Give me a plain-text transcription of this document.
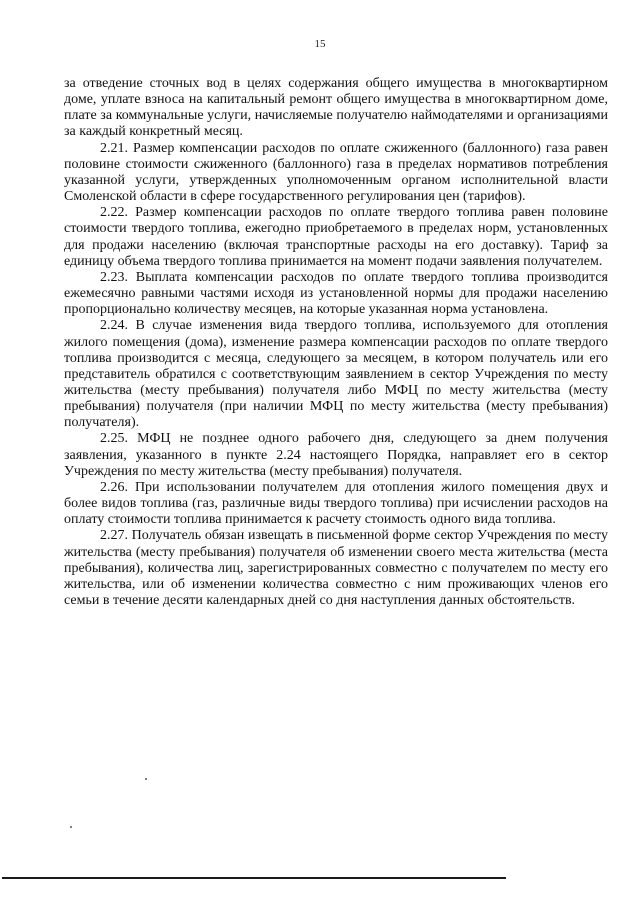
15

за отведение сточных вод в целях содержания общего имущества в многоквартирном доме, уплате взноса на капитальный ремонт общего имущества в многоквартирном доме, плате за коммунальные услуги, начисляемые получателю наймодателями и организациями за каждый конкретный месяц.

2.21. Размер компенсации расходов по оплате сжиженного (баллонного) газа равен половине стоимости сжиженного (баллонного) газа в пределах нормативов потребления указанной услуги, утвержденных уполномоченным органом исполнительной власти Смоленской области в сфере государственного регулирования цен (тарифов).

2.22. Размер компенсации расходов по оплате твердого топлива равен половине стоимости твердого топлива, ежегодно приобретаемого в пределах норм, установленных для продажи населению (включая транспортные расходы на его доставку). Тариф за единицу объема твердого топлива принимается на момент подачи заявления получателем.

2.23. Выплата компенсации расходов по оплате твердого топлива производится ежемесячно равными частями исходя из установленной нормы для продажи населению пропорционально количеству месяцев, на которые указанная норма установлена.

2.24. В случае изменения вида твердого топлива, используемого для отопления жилого помещения (дома), изменение размера компенсации расходов по оплате твердого топлива производится с месяца, следующего за месяцем, в котором получатель или его представитель обратился с соответствующим заявлением в сектор Учреждения по месту жительства (месту пребывания) получателя либо МФЦ по месту жительства (месту пребывания) получателя (при наличии МФЦ по месту жительства (месту пребывания) получателя).

2.25. МФЦ не позднее одного рабочего дня, следующего за днем получения заявления, указанного в пункте 2.24 настоящего Порядка, направляет его в сектор Учреждения по месту жительства (месту пребывания) получателя.

2.26. При использовании получателем для отопления жилого помещения двух и более видов топлива (газ, различные виды твердого топлива) при исчислении расходов на оплату стоимости топлива принимается к расчету стоимость одного вида топлива.

2.27. Получатель обязан извещать в письменной форме сектор Учреждения по месту жительства (месту пребывания) получателя об изменении своего места жительства (места пребывания), количества лиц, зарегистрированных совместно с получателем по месту его жительства, или об изменении количества совместно с ним проживающих членов его семьи в течение десяти календарных дней со дня наступления данных обстоятельств.
